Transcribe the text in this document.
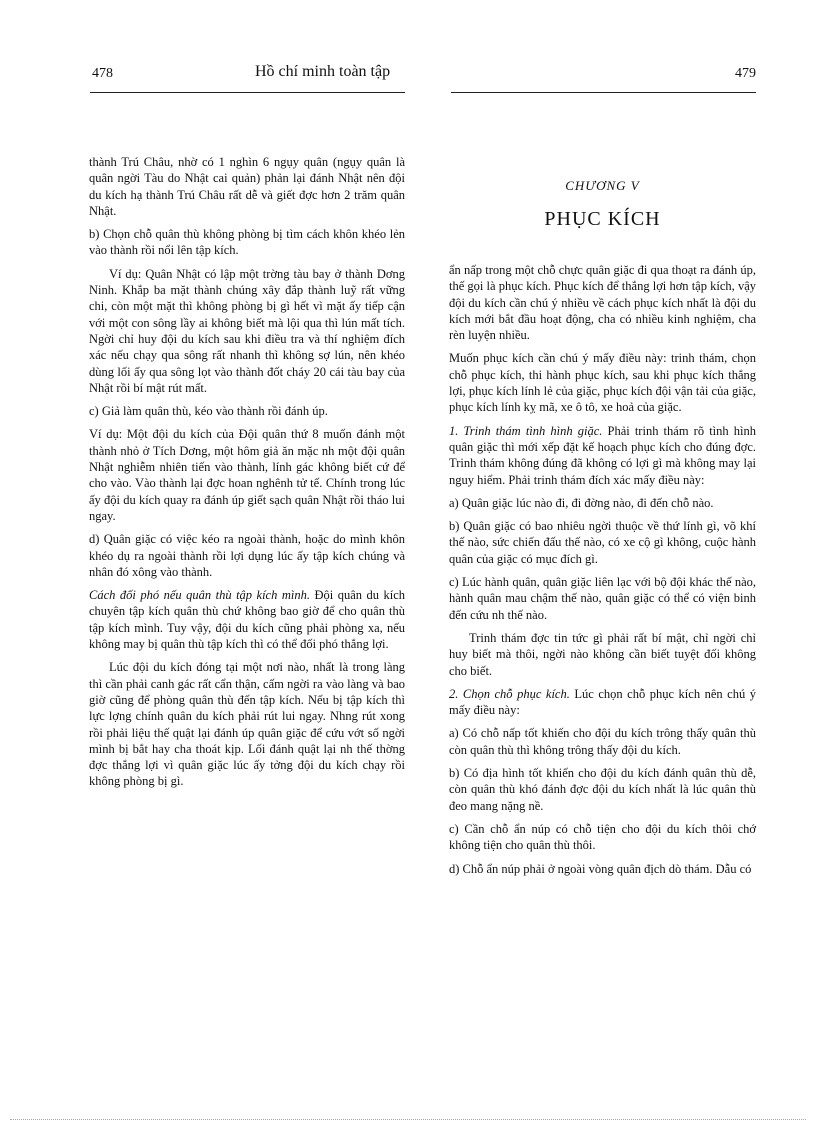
478	Hồ chí minh toàn tập	479

thành Trú Châu, nhờ có 1 nghìn 6 ngụy quân (ngụy quân là quân ngời Tàu do Nhật cai quản) phản lại đánh Nhật nên đội du kích hạ thành Trú Châu rất dễ và giết đợc hơn 2 trăm quân Nhật.

b) Chọn chỗ quân thù không phòng bị tìm cách khôn khéo lẻn vào thành rồi nổi lên tập kích.

Ví dụ: Quân Nhật có lập một trờng tàu bay ở thành Dơng Ninh. Khắp ba mặt thành chúng xây đắp thành luỹ rất vững chi, còn một mặt thì không phòng bị gì hết vì mặt ấy tiếp cận với một con sông lầy ai không biết mà lội qua thì lún mất tích. Ngời chỉ huy đội du kích sau khi điều tra và thí nghiệm đích xác nếu chạy qua sông rất nhanh thì không sợ lún, nên khéo dùng lối ấy qua sông lọt vào thành đốt cháy 20 cái tàu bay của Nhật rồi bí mật rút mất.

c) Giả làm quân thù, kéo vào thành rồi đánh úp.

Ví dụ: Một đội du kích của Đội quân thứ 8 muốn đánh một thành nhỏ ở Tích Dơng, một hôm giả ăn mặc nh một đội quân Nhật nghiễm nhiên tiến vào thành, lính gác không biết cứ để cho vào. Vào thành lại đợc hoan nghênh tử tế. Chính trong lúc ấy đội du kích quay ra đánh úp giết sạch quân Nhật rồi tháo lui ngay.

d) Quân giặc có việc kéo ra ngoài thành, hoặc do mình khôn khéo dụ ra ngoài thành rồi lợi dụng lúc ấy tập kích chúng và nhân đó xông vào thành.

Cách đối phó nếu quân thù tập kích mình. Đội quân du kích chuyên tập kích quân thù chứ không bao giờ để cho quân thù tập kích mình. Tuy vậy, đội du kích cũng phải phòng xa, nếu không may bị quân thù tập kích thì có thể đối phó thắng lợi.

Lúc đội du kích đóng tại một nơi nào, nhất là trong làng thì cần phải canh gác rất cẩn thận, cấm ngời ra vào làng và bao giờ cũng để phòng quân thù đến tập kích. Nếu bị tập kích thì lực lợng chính quân du kích phải rút lui ngay. Nhng rút xong rồi phải liệu thế quật lại đánh úp quân giặc để cứu vớt số ngời mình bị bắt hay cha thoát kịp. Lối đánh quật lại nh thế thờng đợc thắng lợi vì quân giặc lúc ấy tởng đội du kích chạy rồi không phòng bị gì.

CHƯƠNG V
PHỤC KÍCH

ẩn nấp trong một chỗ chực quân giặc đi qua thoạt ra đánh úp, thế gọi là phục kích. Phục kích để thắng lợi hơn tập kích, vậy đội du kích cần chú ý nhiều về cách phục kích nhất là đội du kích mới bắt đầu hoạt động, cha có nhiều kinh nghiệm, cha rèn luyện nhiều.

Muốn phục kích cần chú ý mấy điều này: trinh thám, chọn chỗ phục kích, thi hành phục kích, sau khi phục kích thắng lợi, phục kích lính lẻ của giặc, phục kích đội vận tải của giặc, phục kích lính kỵ mã, xe ô tô, xe hoả của giặc.

1. Trinh thám tình hình giặc. Phải trinh thám rõ tình hình quân giặc thì mới xếp đặt kế hoạch phục kích cho đúng đợc. Trinh thám không đúng đã không có lợi gì mà không may lại nguy hiểm. Phải trinh thám đích xác mấy điều này:

a) Quân giặc lúc nào đi, đi đờng nào, đi đến chỗ nào.

b) Quân giặc có bao nhiêu ngời thuộc về thứ lính gì, võ khí thế nào, sức chiến đấu thế nào, có xe cộ gì không, cuộc hành quân của giặc có mục đích gì.

c) Lúc hành quân, quân giặc liên lạc với bộ đội khác thế nào, hành quân mau chậm thế nào, quân giặc có thể có viện binh đến cứu nh thế nào.

Trinh thám đợc tin tức gì phải rất bí mật, chỉ ngời chỉ huy biết mà thôi, ngời nào không cần biết tuyệt đối không cho biết.

2. Chọn chỗ phục kích. Lúc chọn chỗ phục kích nên chú ý mấy điều này:

a) Có chỗ nấp tốt khiến cho đội du kích trông thấy quân thù còn quân thù thì không trông thấy đội du kích.

b) Có địa hình tốt khiến cho đội du kích đánh quân thù dễ, còn quân thù khó đánh đợc đội du kích nhất là lúc quân thù đeo mang nặng nề.

c) Cần chỗ ẩn núp có chỗ tiện cho đội du kích thôi chớ không tiện cho quân thù thôi.

d) Chỗ ẩn núp phải ở ngoài vòng quân địch dò thám. Dẫu có
